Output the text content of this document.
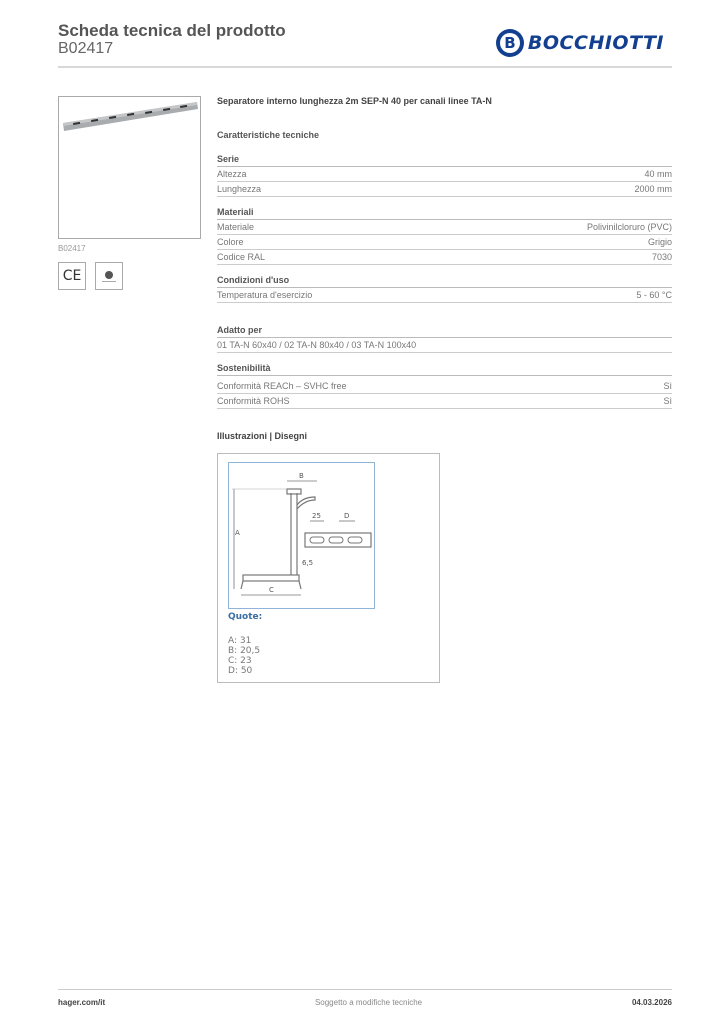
Scheda tecnica del prodotto
B02417 B	BOCCHIOTTI
B02417
CE
Separatore interno lunghezza 2m SEP-N 40 per canali linee TA-N
Caratteristiche tecniche
Serie
Altezza	40 mm
Lunghezza	2000 mm
Materiali
Materiale	Polivinilcloruro (PVC)
Colore	Grigio
Codice RAL	7030
Condizioni d'uso
Temperatura d'esercizio	5 - 60 °C
Adatto per
01 TA-N 60x40 / 02 TA-N 80x40 / 03 TA-N 100x40
Sostenibilità
Conformità REACh – SVHC free	Sì
Conformità ROHS	Sì
Illustrazioni | Disegni
A
B
C
25	D
6,5
Quote:
A: 31
B: 20,5
C: 23
D: 50
hager.com/it	Soggetto a modifiche tecniche	04.03.2026
